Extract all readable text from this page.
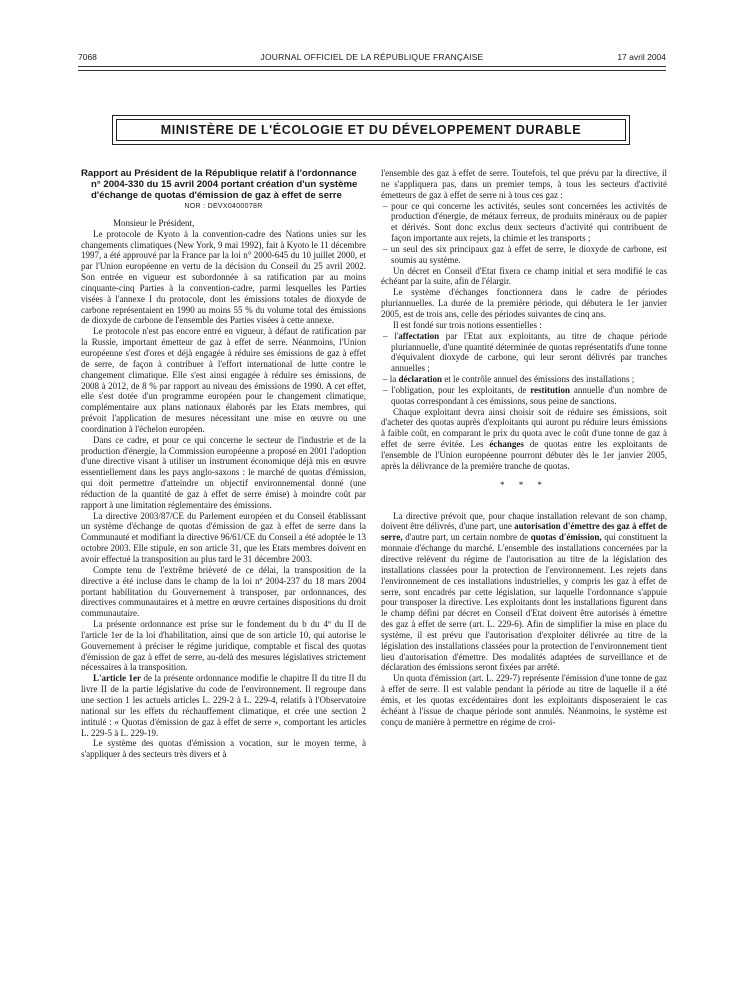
7068	JOURNAL OFFICIEL DE LA RÉPUBLIQUE FRANÇAISE	17 avril 2004
MINISTÈRE DE L'ÉCOLOGIE ET DU DÉVELOPPEMENT DURABLE
Rapport au Président de la République relatif à l'ordonnance n° 2004-330 du 15 avril 2004 portant création d'un système d'échange de quotas d'émission de gaz à effet de serre
NOR : DEVX0400078R

Monsieur le Président,

Le protocole de Kyoto à la convention-cadre des Nations unies sur les changements climatiques (New York, 9 mai 1992), fait à Kyoto le 11 décembre 1997, a été approuvé par la France par la loi n° 2000-645 du 10 juillet 2000, et par l'Union européenne en vertu de la décision du Conseil du 25 avril 2002. Son entrée en vigueur est subordonnée à sa ratification par au moins cinquante-cinq Parties à la convention-cadre, parmi lesquelles les Parties visées à l'annexe I du protocole, dont les émissions totales de dioxyde de carbone représentaient en 1990 au moins 55 % du volume total des émissions de dioxyde de carbone de l'ensemble des Parties visées à cette annexe.

Le protocole n'est pas encore entré en vigueur, à défaut de ratification par la Russie, important émetteur de gaz à effet de serre. Néanmoins, l'Union européenne s'est d'ores et déjà engagée à réduire ses émissions de gaz à effet de serre, de façon à contribuer à l'effort international de lutte contre le changement climatique. Elle s'est ainsi engagée à réduire ses émissions, de 2008 à 2012, de 8 % par rapport au niveau des émissions de 1990. A cet effet, elle s'est dotée d'un programme européen pour le changement climatique, complémentaire aux plans nationaux élaborés par les Etats membres, qui prévoit l'application de mesures nécessitant une mise en œuvre ou une coordination à l'échelon européen.

Dans ce cadre, et pour ce qui concerne le secteur de l'industrie et de la production d'énergie, la Commission européenne a proposé en 2001 l'adoption d'une directive visant à utiliser un instrument économique déjà mis en œuvre essentiellement dans les pays anglo-saxons : le marché de quotas d'émission, qui doit permettre d'atteindre un objectif environnemental donné (une réduction de la quantité de gaz à effet de serre émise) à moindre coût par rapport à une limitation réglementaire des émissions.

La directive 2003/87/CE du Parlement européen et du Conseil établissant un système d'échange de quotas d'émission de gaz à effet de serre dans la Communauté et modifiant la directive 96/61/CE du Conseil a été adoptée le 13 octobre 2003. Elle stipule, en son article 31, que les Etats membres doivent en avoir effectué la transposition au plus tard le 31 décembre 2003.

Compte tenu de l'extrême brièveté de ce délai, la transposition de la directive a été incluse dans le champ de la loi nº 2004-237 du 18 mars 2004 portant habilitation du Gouvernement à transposer, par ordonnances, des directives communautaires et à mettre en œuvre certaines dispositions du droit communautaire.

La présente ordonnance est prise sur le fondement du b du 4º du II de l'article 1er de la loi d'habilitation, ainsi que de son article 10, qui autorise le Gouvernement à préciser le régime juridique, comptable et fiscal des quotas d'émission de gaz à effet de serre, au-delà des mesures législatives strictement nécessaires à la transposition.

L'article 1er de la présente ordonnance modifie le chapitre II du titre II du livre II de la partie législative du code de l'environnement. Il regroupe dans une section 1 les actuels articles L. 229-2 à L. 229-4, relatifs à l'Observatoire national sur les effets du réchauffement climatique, et crée une section 2 intitulé : « Quotas d'émission de gaz à effet de serre », comportant les articles L. 229-5 à L. 229-19.

Le système des quotas d'émission a vocation, sur le moyen terme, à s'appliquer à des secteurs très divers et à

l'ensemble des gaz à effet de serre. Toutefois, tel que prévu par la directive, il ne s'appliquera pas, dans un premier temps, à tous les secteurs d'activité émetteurs de gaz à effet de serre ni à tous ces gaz :

– pour ce qui concerne les activités, seules sont concernées les activités de production d'énergie, de métaux ferreux, de produits minéraux ou de papier et dérivés. Sont donc exclus deux secteurs d'activité qui contribuent de façon importante aux rejets, la chimie et les transports ;
– un seul des six principaux gaz à effet de serre, le dioxyde de carbone, est soumis au système.

Un décret en Conseil d'Etat fixera ce champ initial et sera modifié le cas échéant par la suite, afin de l'élargir.

Le système d'échanges fonctionnera dans le cadre de périodes pluriannuelles. La durée de la première période, qui débutera le 1er janvier 2005, est de trois ans, celle des périodes suivantes de cinq ans.

Il est fondé sur trois notions essentielles :

– l'affectation par l'Etat aux exploitants, au titre de chaque période pluriannuelle, d'une quantité déterminée de quotas représentatifs d'une tonne d'équivalent dioxyde de carbone, qui leur seront délivrés par tranches annuelles ;
– la déclaration et le contrôle annuel des émissions des installations ;
– l'obligation, pour les exploitants, de restitution annuelle d'un nombre de quotas correspondant à ces émissions, sous peine de sanctions.

Chaque exploitant devra ainsi choisir soit de réduire ses émissions, soit d'acheter des quotas auprès d'exploitants qui auront pu réduire leurs émissions à faible coût, en comparant le prix du quota avec le coût d'une tonne de gaz à effet de serre évitée. Les échanges de quotas entre les exploitants de l'ensemble de l'Union européenne pourront débuter dès le 1er janvier 2005, après la délivrance de la première tranche de quotas.

* * *

La directive prévoit que, pour chaque installation relevant de son champ, doivent être délivrés, d'une part, une autorisation d'émettre des gaz à effet de serre, d'autre part, un certain nombre de quotas d'émission, qui constituent la monnaie d'échange du marché. L'ensemble des installations concernées par la directive relèvent du régime de l'autorisation au titre de la législation des installations classées pour la protection de l'environnement. Les rejets dans l'environnement de ces installations industrielles, y compris les gaz à effet de serre, sont encadrés par cette législation, sur laquelle l'ordonnance s'appuie pour transposer la directive. Les exploitants dont les installations figurent dans le champ défini par décret en Conseil d'Etat doivent être autorisés à émettre des gaz à effet de serre (art. L. 229-6). Afin de simplifier la mise en place du système, il est prévu que l'autorisation d'exploiter délivrée au titre de la législation des installations classées pour la protection de l'environnement tient lieu d'autorisation d'émettre. Des modalités adaptées de surveillance et de déclaration des émissions seront fixées par arrêté.

Un quota d'émission (art. L. 229-7) représente l'émission d'une tonne de gaz à effet de serre. Il est valable pendant la période au titre de laquelle il a été émis, et les quotas excédentaires dont les exploitants disposeraient le cas échéant à l'issue de chaque période sont annulés. Néanmoins, le système est conçu de manière à permettre en régime de croi-
